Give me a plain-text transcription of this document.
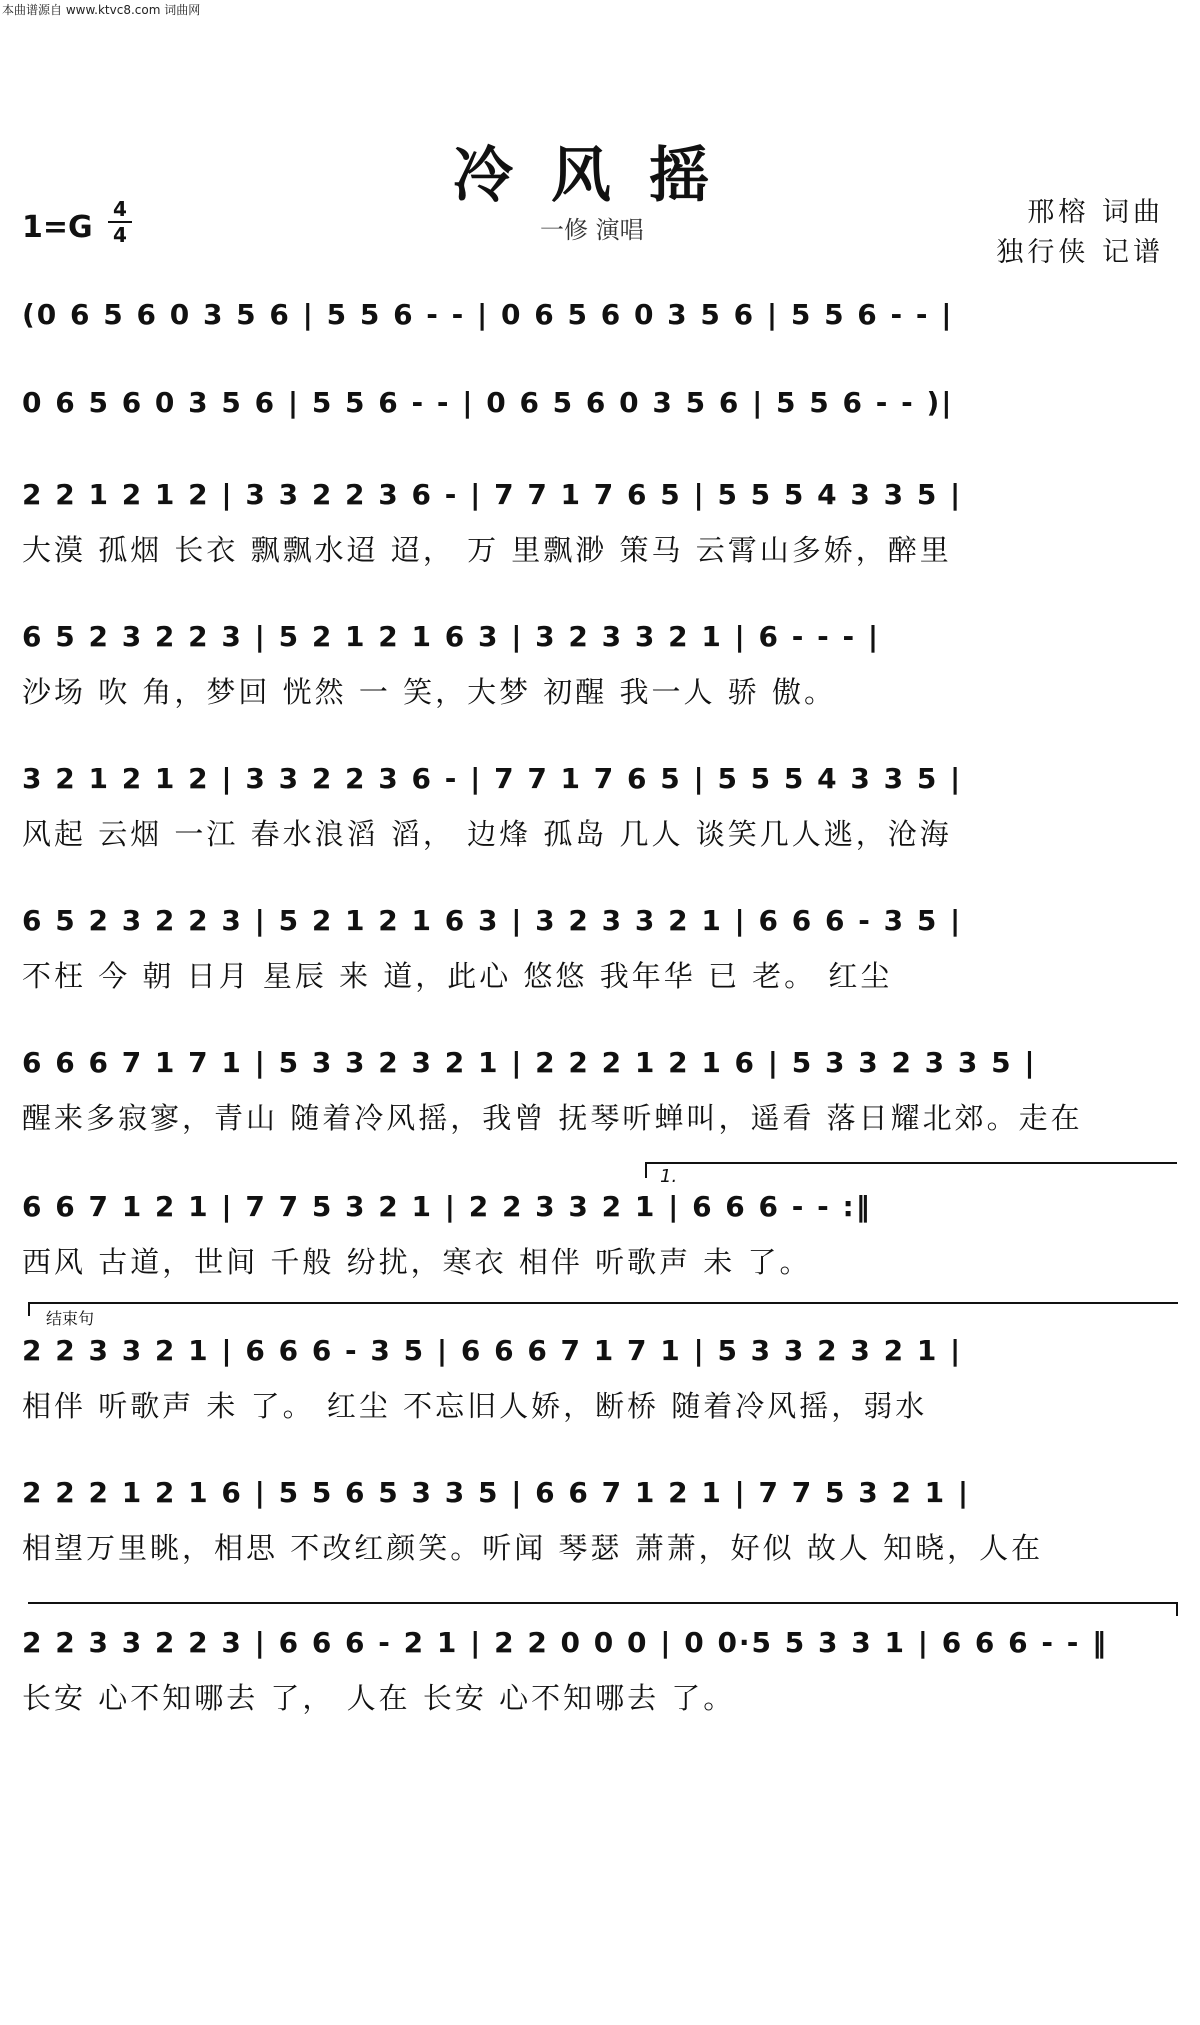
本曲谱源自 www.ktvc8.com 词曲网
冷风摇
1=G
4
4	一修 演唱
邢榕 词曲
独行侠 记谱
(0 6 5 6 0 3 5 6 | 5 5 6 - - | 0 6 5 6 0 3 5 6 | 5 5 6 - - |
0 6 5 6 0 3 5 6 | 5 5 6 - - | 0 6 5 6 0 3 5 6 | 5 5 6 - - )|
2 2 1 2 1 2 | 3 3 2 2 3 6 - | 7 7 1 7 6 5 | 5 5 5 4 3 3 5 |
大漠 孤烟 长衣 飘飘水迢 迢， 万 里飘渺 策马 云霄山多娇，醉里
6 5 2 3 2 2 3 | 5 2 1 2 1 6 3 | 3 2 3 3 2 1 | 6 - - - |
沙场 吹 角，梦回 恍然 一 笑，大梦 初醒 我一人 骄 傲。
3 2 1 2 1 2 | 3 3 2 2 3 6 - | 7 7 1 7 6 5 | 5 5 5 4 3 3 5 |
风起 云烟 一江 春水浪滔 滔， 边烽 孤岛 几人 谈笑几人逃，沧海
6 5 2 3 2 2 3 | 5 2 1 2 1 6 3 | 3 2 3 3 2 1 | 6 6 6 - 3 5 |
不枉 今 朝 日月 星辰 来 道，此心 悠悠 我年华 已 老。 红尘
6 6 6 7 1 7 1 | 5 3 3 2 3 2 1 | 2 2 2 1 2 1 6 | 5 3 3 2 3 3 5 |
醒来多寂寥，青山 随着冷风摇，我曾 抚琴听蝉叫，遥看 落日耀北郊。走在
1.
6 6 7 1 2 1 | 7 7 5 3 2 1 | 2 2 3 3 2 1 | 6 6 6 - - :‖
西风 古道，世间 千般 纷扰，寒衣 相伴 听歌声 未 了。
结束句
2 2 3 3 2 1 | 6 6 6 - 3 5 | 6 6 6 7 1 7 1 | 5 3 3 2 3 2 1 |
相伴 听歌声 未 了。 红尘 不忘旧人娇，断桥 随着冷风摇，弱水
2 2 2 1 2 1 6 | 5 5 6 5 3 3 5 | 6 6 7 1 2 1 | 7 7 5 3 2 1 |
相望万里眺，相思 不改红颜笑。听闻 琴瑟 萧萧，好似 故人 知晓，人在
2 2 3 3 2 2 3 | 6 6 6 - 2 1 | 2 2 0 0 0 | 0 0·5 5 3 3 1 | 6 6 6 - - ‖
长安 心不知哪去 了， 人在 长安 心不知哪去 了。
